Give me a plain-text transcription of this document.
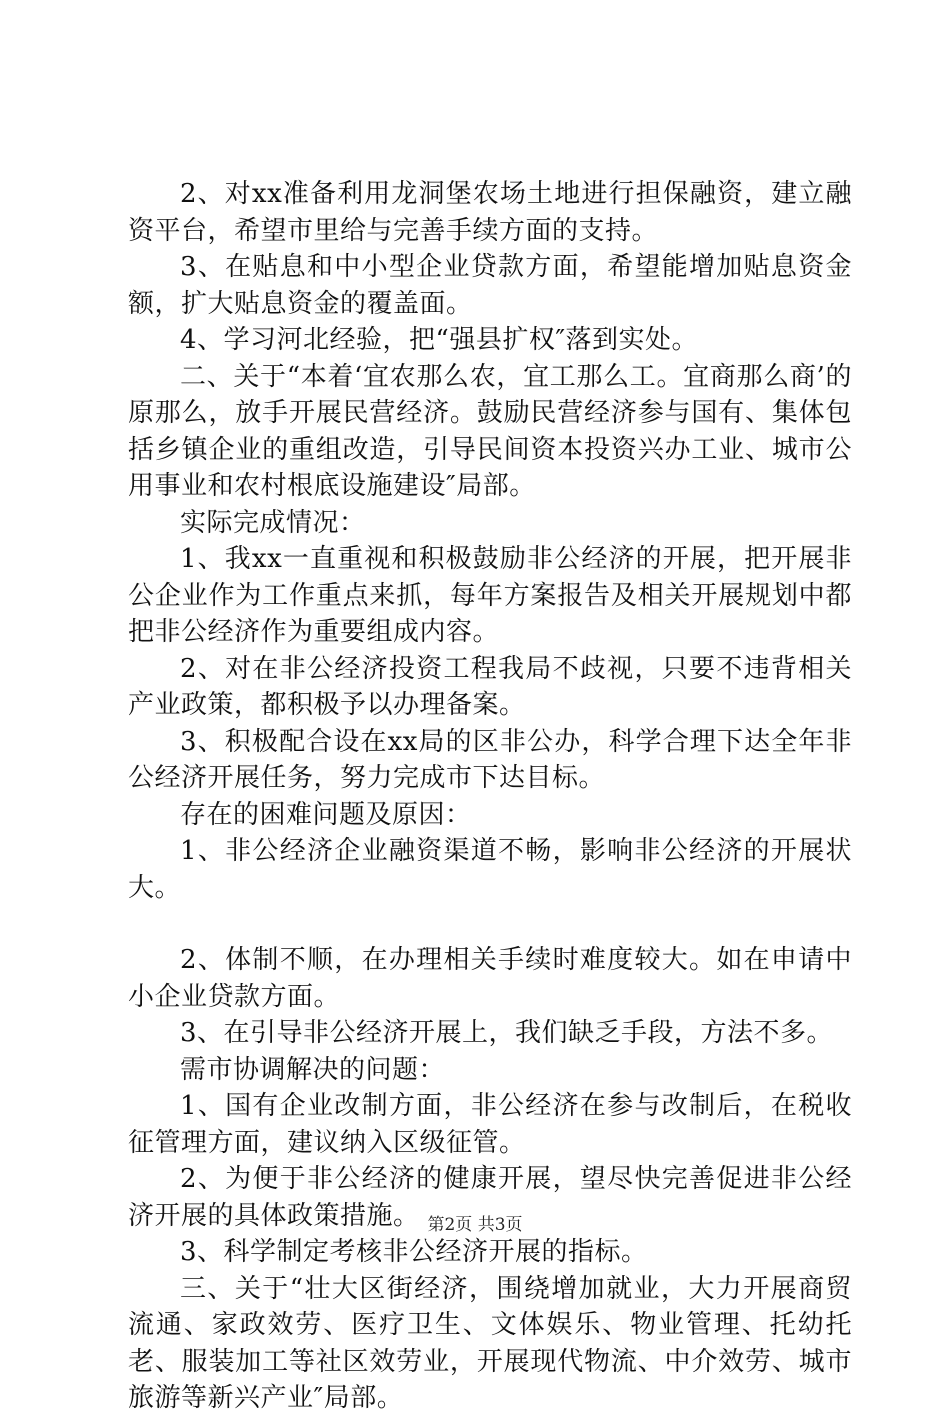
2、对xx准备利用龙洞堡农场土地进行担保融资，建立融资平台，希望市里给与完善手续方面的支持。

3、在贴息和中小型企业贷款方面，希望能增加贴息资金额，扩大贴息资金的覆盖面。

4、学习河北经验，把“强县扩权″落到实处。

二、关于“本着‘宜农那么农，宜工那么工。宜商那么商’的原那么，放手开展民营经济。鼓励民营经济参与国有、集体包括乡镇企业的重组改造，引导民间资本投资兴办工业、城市公用事业和农村根底设施建设″局部。

实际完成情况：

1、我xx一直重视和积极鼓励非公经济的开展，把开展非公企业作为工作重点来抓，每年方案报告及相关开展规划中都把非公经济作为重要组成内容。

2、对在非公经济投资工程我局不歧视，只要不违背相关产业政策，都积极予以办理备案。

3、积极配合设在xx局的区非公办，科学合理下达全年非公经济开展任务，努力完成市下达目标。

存在的困难问题及原因：

1、非公经济企业融资渠道不畅，影响非公经济的开展状大。

2、体制不顺，在办理相关手续时难度较大。如在申请中小企业贷款方面。

3、在引导非公经济开展上，我们缺乏手段，方法不多。

需市协调解决的问题：

1、国有企业改制方面，非公经济在参与改制后，在税收征管理方面，建议纳入区级征管。

2、为便于非公经济的健康开展，望尽快完善促进非公经济开展的具体政策措施。

3、科学制定考核非公经济开展的指标。

三、关于“壮大区街经济，围绕增加就业，大力开展商贸流通、家政效劳、医疗卫生、文体娱乐、物业管理、托幼托老、服装加工等社区效劳业，开展现代物流、中介效劳、城市旅游等新兴产业″局部。

第2页 共3页
